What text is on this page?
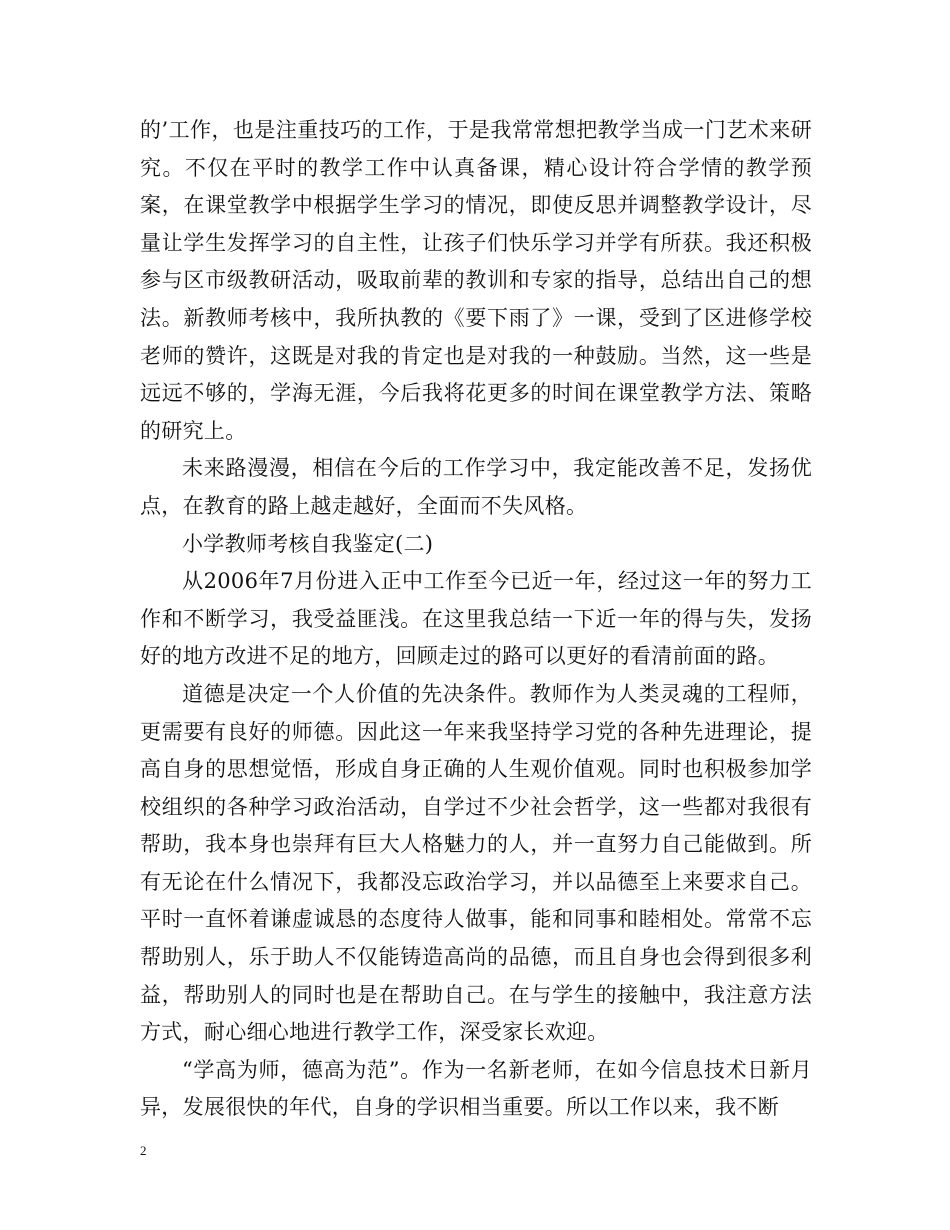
的’工作，也是注重技巧的工作，于是我常常想把教学当成一门艺术来研究。不仅在平时的教学工作中认真备课，精心设计符合学情的教学预案，在课堂教学中根据学生学习的情况，即使反思并调整教学设计，尽量让学生发挥学习的自主性，让孩子们快乐学习并学有所获。我还积极参与区市级教研活动，吸取前辈的教训和专家的指导，总结出自己的想法。新教师考核中，我所执教的《要下雨了》一课，受到了区进修学校老师的赞许，这既是对我的肯定也是对我的一种鼓励。当然，这一些是远远不够的，学海无涯，今后我将花更多的时间在课堂教学方法、策略的研究上。

未来路漫漫，相信在今后的工作学习中，我定能改善不足，发扬优点，在教育的路上越走越好，全面而不失风格。

小学教师考核自我鉴定(二)

从2006年7月份进入正中工作至今已近一年，经过这一年的努力工作和不断学习，我受益匪浅。在这里我总结一下近一年的得与失，发扬好的地方改进不足的地方，回顾走过的路可以更好的看清前面的路。

道德是决定一个人价值的先决条件。教师作为人类灵魂的工程师，更需要有良好的师德。因此这一年来我坚持学习党的各种先进理论，提高自身的思想觉悟，形成自身正确的人生观价值观。同时也积极参加学校组织的各种学习政治活动，自学过不少社会哲学，这一些都对我很有帮助，我本身也崇拜有巨大人格魅力的人，并一直努力自己能做到。所有无论在什么情况下，我都没忘政治学习，并以品德至上来要求自己。平时一直怀着谦虚诚恳的态度待人做事，能和同事和睦相处。常常不忘帮助别人，乐于助人不仅能铸造高尚的品德，而且自身也会得到很多利益，帮助别人的同时也是在帮助自己。在与学生的接触中，我注意方法方式，耐心细心地进行教学工作，深受家长欢迎。

“学高为师，德高为范”。作为一名新老师，在如今信息技术日新月异，发展很快的年代，自身的学识相当重要。所以工作以来，我不断

2
